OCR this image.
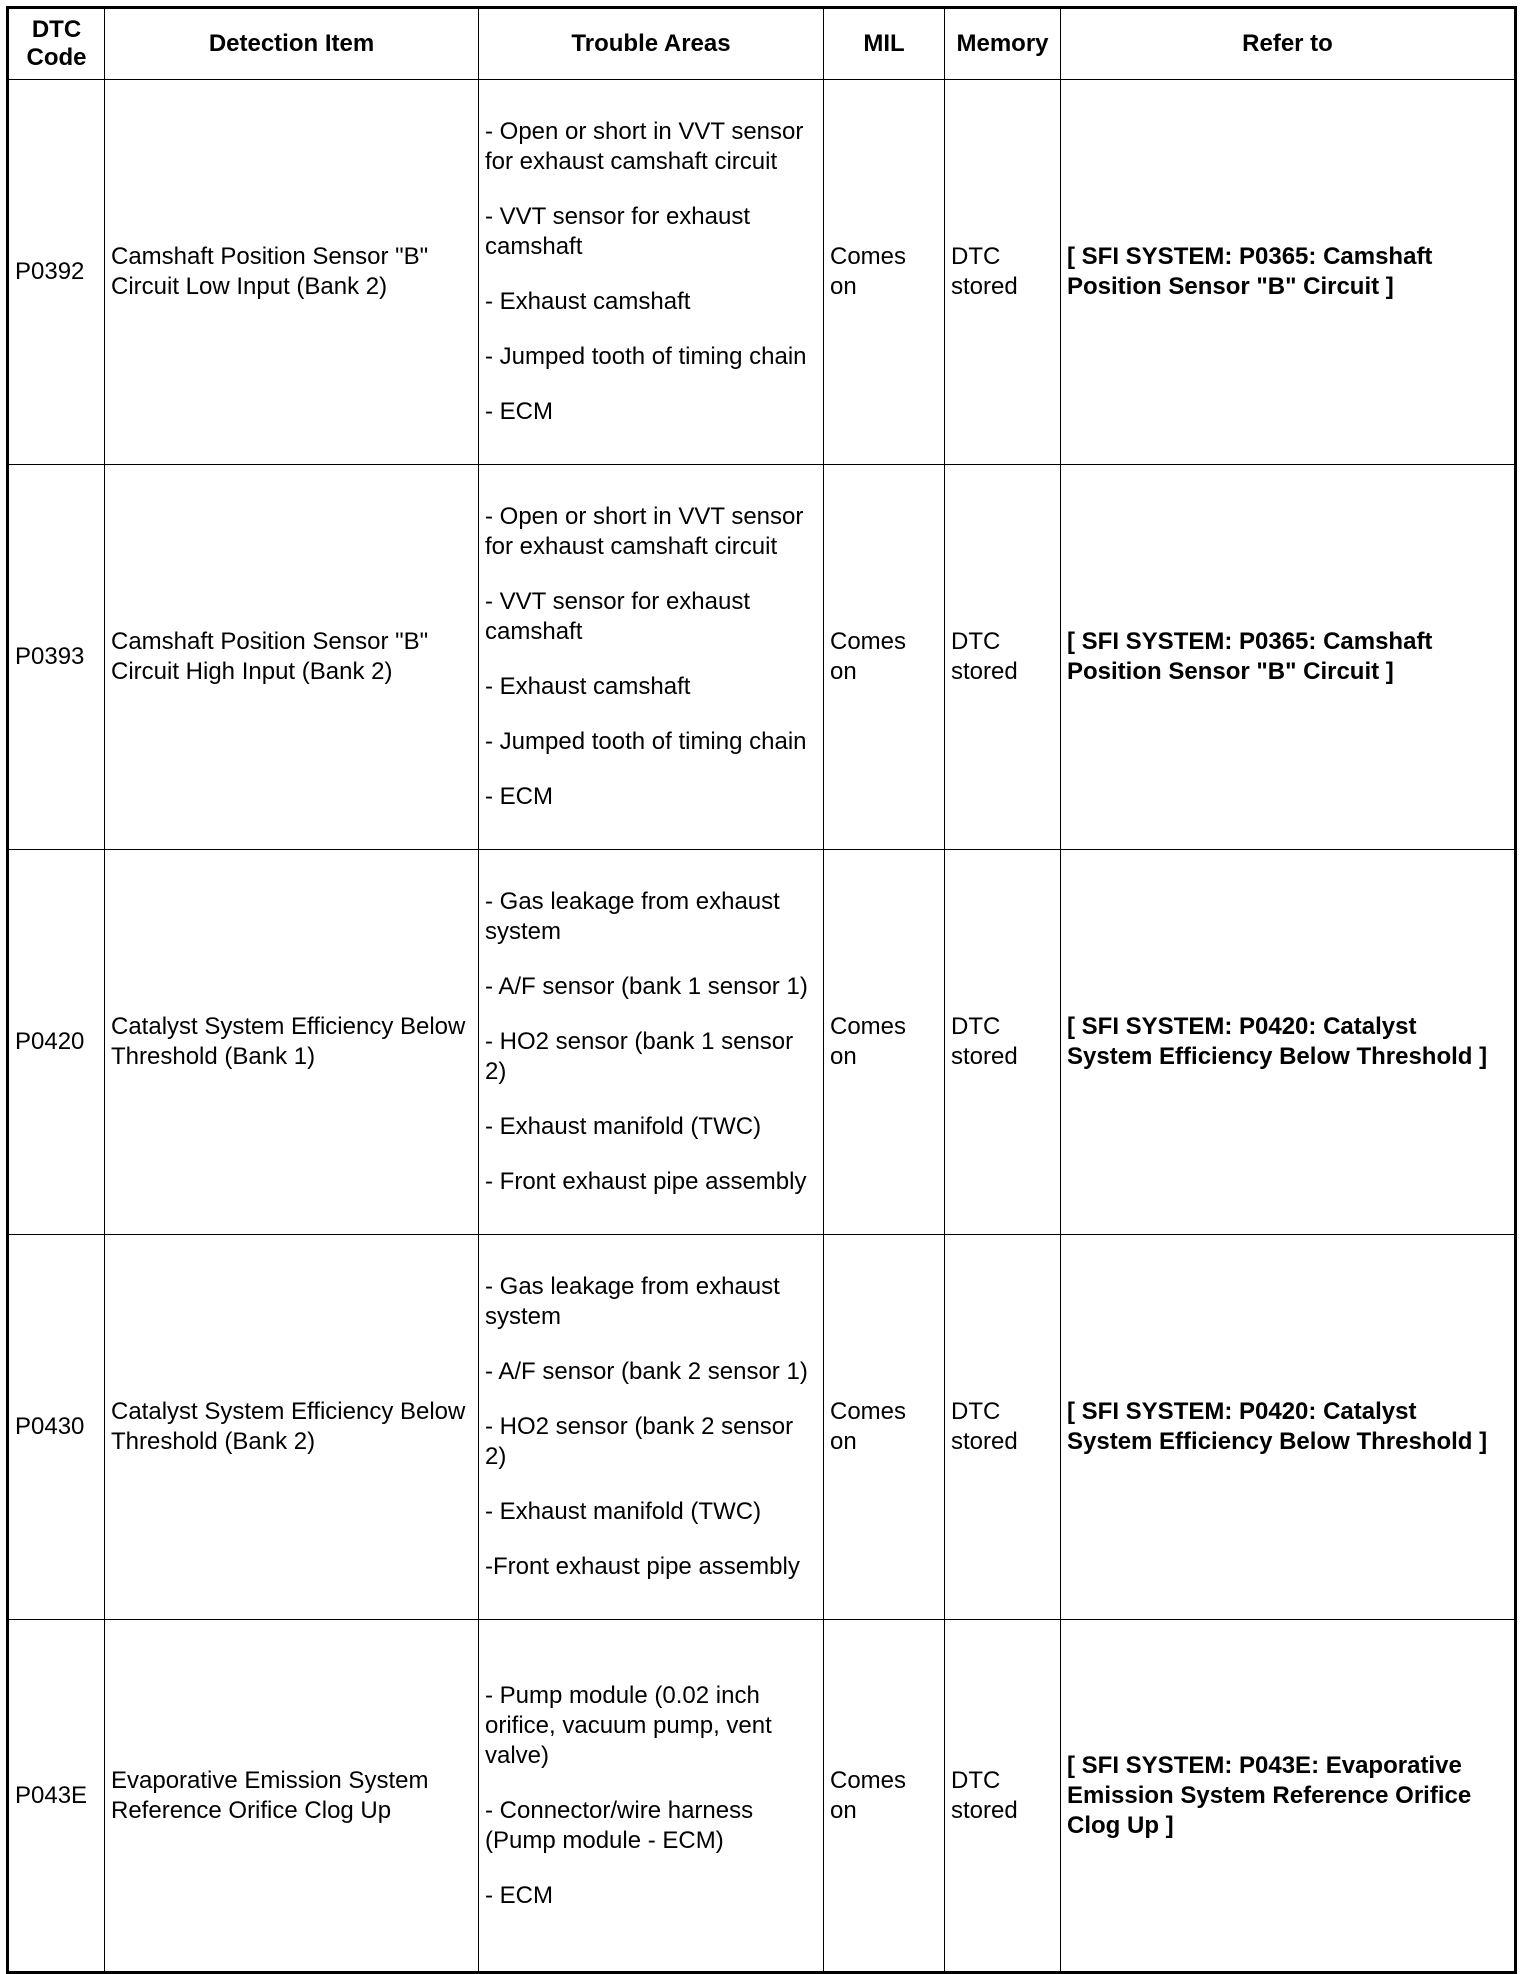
DTC Code	Detection Item	Trouble Areas	MIL	Memory	Refer to
P0392	Camshaft Position Sensor "B" Circuit Low Input (Bank 2)	- Open or short in VVT sensor for exhaust camshaft circuit
- VVT sensor for exhaust camshaft
- Exhaust camshaft
- Jumped tooth of timing chain
- ECM	Comes on	DTC stored	[ SFI SYSTEM: P0365: Camshaft Position Sensor "B" Circuit ]
P0393	Camshaft Position Sensor "B" Circuit High Input (Bank 2)	- Open or short in VVT sensor for exhaust camshaft circuit
- VVT sensor for exhaust camshaft
- Exhaust camshaft
- Jumped tooth of timing chain
- ECM	Comes on	DTC stored	[ SFI SYSTEM: P0365: Camshaft Position Sensor "B" Circuit ]
P0420	Catalyst System Efficiency Below Threshold (Bank 1)	- Gas leakage from exhaust system
- A/F sensor (bank 1 sensor 1)
- HO2 sensor (bank 1 sensor 2)
- Exhaust manifold (TWC)
- Front exhaust pipe assembly	Comes on	DTC stored	[ SFI SYSTEM: P0420: Catalyst System Efficiency Below Threshold ]
P0430	Catalyst System Efficiency Below Threshold (Bank 2)	- Gas leakage from exhaust system
- A/F sensor (bank 2 sensor 1)
- HO2 sensor (bank 2 sensor 2)
- Exhaust manifold (TWC)
-Front exhaust pipe assembly	Comes on	DTC stored	[ SFI SYSTEM: P0420: Catalyst System Efficiency Below Threshold ]
P043E	Evaporative Emission System Reference Orifice Clog Up	- Pump module (0.02 inch orifice, vacuum pump, vent valve)
- Connector/wire harness (Pump module - ECM)
- ECM	Comes on	DTC stored	[ SFI SYSTEM: P043E: Evaporative Emission System Reference Orifice Clog Up ]
